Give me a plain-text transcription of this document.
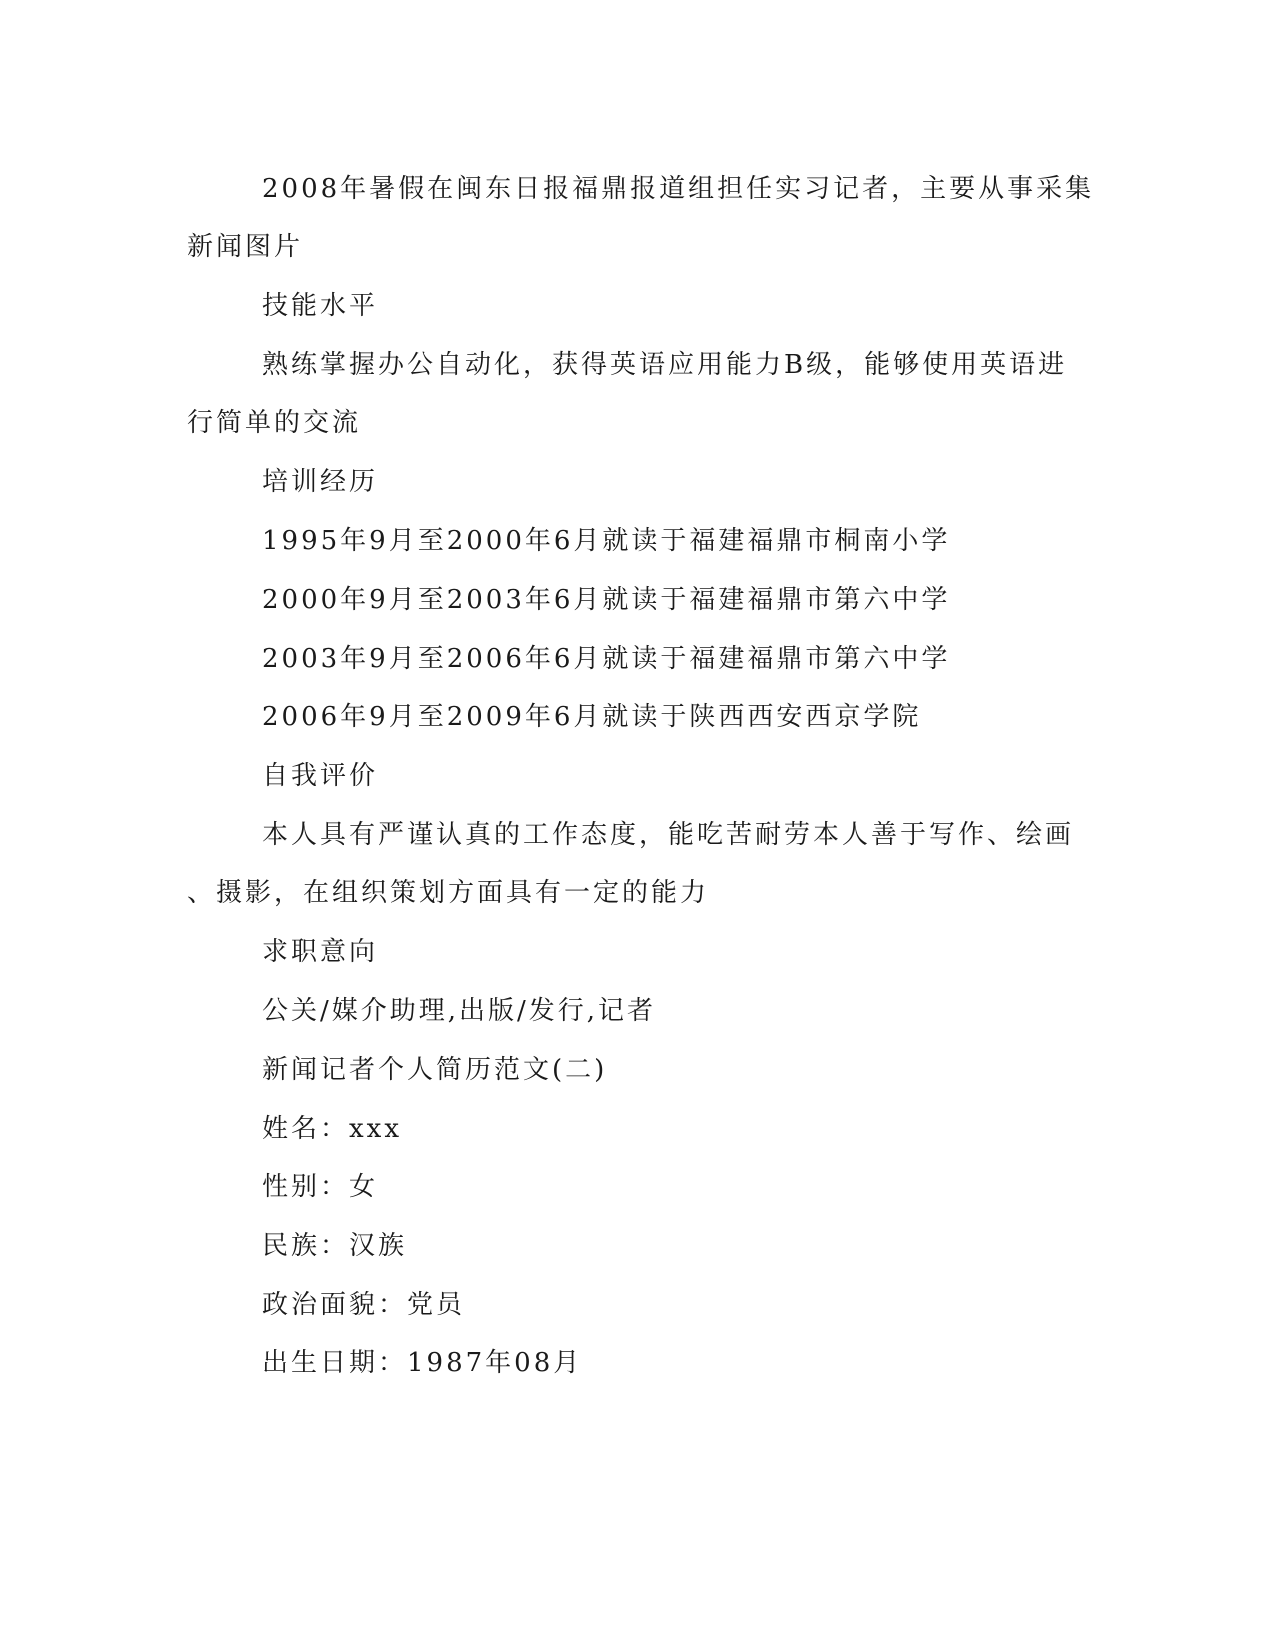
2008年暑假在闽东日报福鼎报道组担任实习记者，主要从事采集
新闻图片
技能水平
熟练掌握办公自动化，获得英语应用能力B级，能够使用英语进
行简单的交流
培训经历
1995年9月至2000年6月就读于福建福鼎市桐南小学
2000年9月至2003年6月就读于福建福鼎市第六中学
2003年9月至2006年6月就读于福建福鼎市第六中学
2006年9月至2009年6月就读于陕西西安西京学院
自我评价
本人具有严谨认真的工作态度，能吃苦耐劳本人善于写作、绘画
、摄影，在组织策划方面具有一定的能力
求职意向
公关/媒介助理,出版/发行,记者
新闻记者个人简历范文(二)
姓名：xxx
性别：女
民族：汉族
政治面貌：党员
出生日期：1987年08月
